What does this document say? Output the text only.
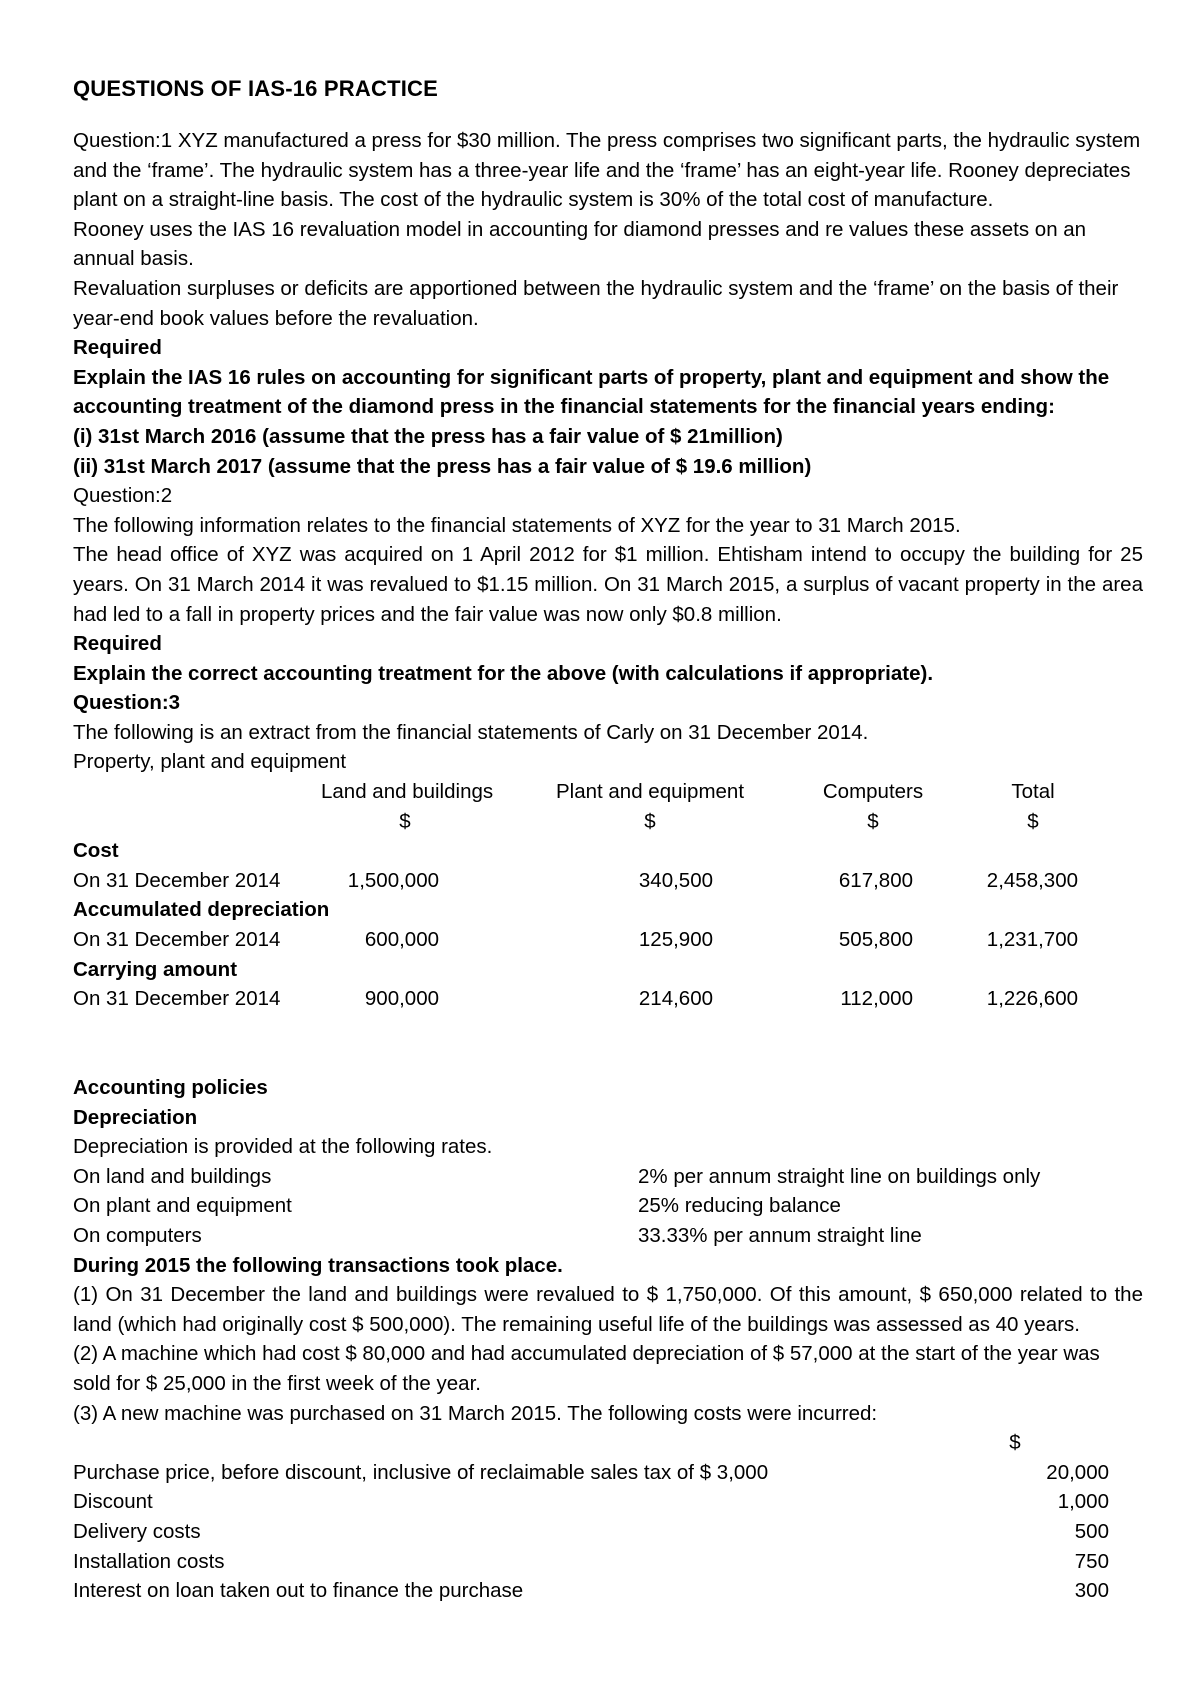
QUESTIONS OF IAS-16 PRACTICE

Question:1 XYZ manufactured a press for $30 million. The press comprises two significant parts, the hydraulic system and the ‘frame’. The hydraulic system has a three-year life and the ‘frame’ has an eight-year life. Rooney depreciates plant on a straight-line basis. The cost of the hydraulic system is 30% of the total cost of manufacture.

Rooney uses the IAS 16 revaluation model in accounting for diamond presses and re values these assets on an annual basis.

Revaluation surpluses or deficits are apportioned between the hydraulic system and the ‘frame’ on the basis of their year-end book values before the revaluation.

Required

Explain the IAS 16 rules on accounting for significant parts of property, plant and equipment and show the accounting treatment of the diamond press in the financial statements for the financial years ending:

(i) 31st March 2016 (assume that the press has a fair value of $ 21million)

(ii) 31st March 2017 (assume that the press has a fair value of $ 19.6 million)

Question:2

The following information relates to the financial statements of XYZ for the year to 31 March 2015.

The head office of XYZ was acquired on 1 April 2012 for $1 million. Ehtisham intend to occupy the building for 25 years. On 31 March 2014 it was revalued to $1.15 million. On 31 March 2015, a surplus of vacant property in the area had led to a fall in property prices and the fair value was now only $0.8 million.

Required

Explain the correct accounting treatment for the above (with calculations if appropriate).

Question:3

The following is an extract from the financial statements of Carly on 31 December 2014.

Property, plant and equipment

Land and buildings	Plant and equipment	Computers	Total
$	$	$	$
Cost
On 31 December 2014	1,500,000	340,500	617,800	2,458,300
Accumulated depreciation
On 31 December 2014	600,000	125,900	505,800	1,231,700
Carrying amount
On 31 December 2014	900,000	214,600	112,000	1,226,600

Accounting policies

Depreciation

Depreciation is provided at the following rates.

On land and buildings	2% per annum straight line on buildings only
On plant and equipment	25% reducing balance
On computers	33.33% per annum straight line

During 2015 the following transactions took place.

(1) On 31 December the land and buildings were revalued to $ 1,750,000. Of this amount, $ 650,000 related to the land (which had originally cost $ 500,000). The remaining useful life of the buildings was assessed as 40 years.

(2) A machine which had cost $ 80,000 and had accumulated depreciation of $ 57,000 at the start of the year was sold for $ 25,000 in the first week of the year.

(3) A new machine was purchased on 31 March 2015. The following costs were incurred:

$
Purchase price, before discount, inclusive of reclaimable sales tax of $ 3,000	20,000
Discount	1,000
Delivery costs	500
Installation costs	750
Interest on loan taken out to finance the purchase	300
